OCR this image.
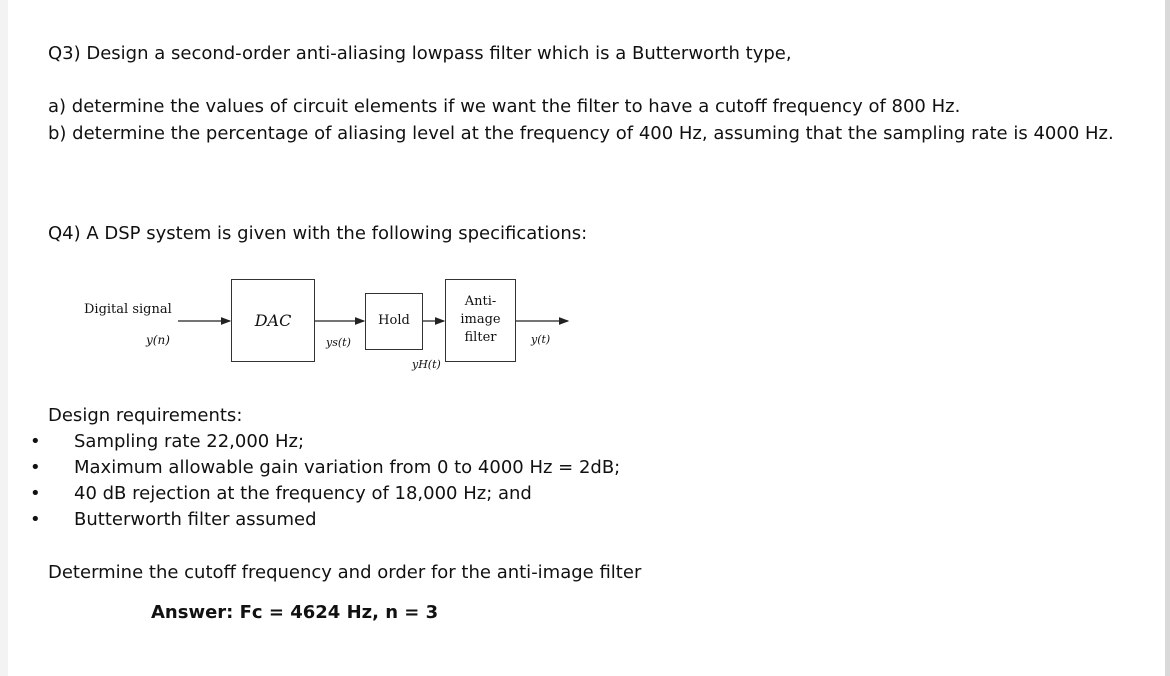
Q3) Design a second-order anti-aliasing lowpass filter which is a Butterworth type,
a) determine the values of circuit elements if we want the filter to have a cutoff frequency of 800 Hz.
b) determine the percentage of aliasing level at the frequency of 400 Hz, assuming that the sampling rate is 4000 Hz.
Q4) A DSP system is given with the following specifications:
Digital signal
y(n)
DAC
ys(t)
Hold
yH(t)
Anti-
image
filter	y(t)
Design requirements:
• Sampling rate 22,000 Hz;
• Maximum allowable gain variation from 0 to 4000 Hz = 2dB;
• 40 dB rejection at the frequency of 18,000 Hz; and
• Butterworth filter assumed
Determine the cutoff frequency and order for the anti-image filter
Answer: Fc = 4624 Hz, n = 3
